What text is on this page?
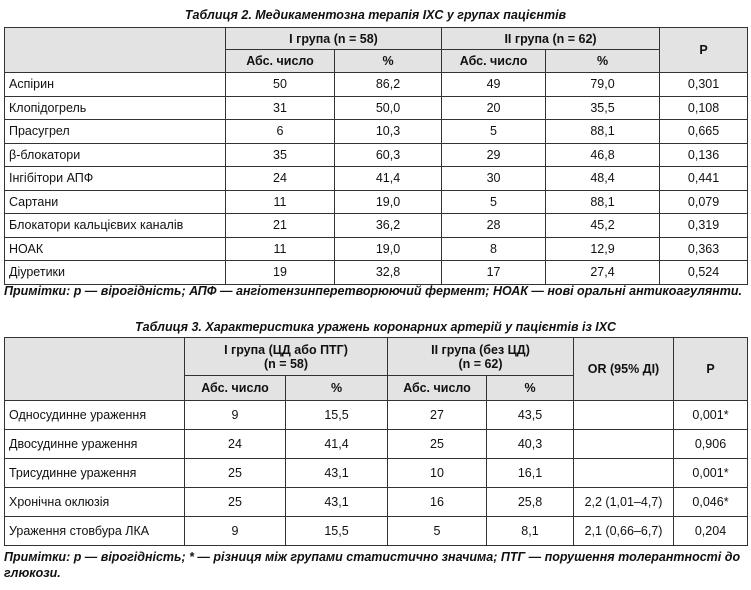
Таблиця 2. Медикаментозна терапія ІХС у групах пацієнтів
	І група (n = 58)		ІІ група (n = 62)		Р
	Абс. число	%	Абс. число	%	
Аспірин	50	86,2	49	79,0	0,301
Клопідогрель	31	50,0	20	35,5	0,108
Прасугрел	6	10,3	5	88,1	0,665
β-блокатори	35	60,3	29	46,8	0,136
Інгібітори АПФ	24	41,4	30	48,4	0,441
Сартани	11	19,0	5	88,1	0,079
Блокатори кальцієвих каналів	21	36,2	28	45,2	0,319
НОАК	11	19,0	8	12,9	0,363
Діуретики	19	32,8	17	27,4	0,524
Примітки: р — вірогідність; АПФ — ангіотензинперетворюючий фермент; НОАК — нові оральні антикоагулянти.
Таблиця 3. Характеристика уражень коронарних артерій у пацієнтів із ІХС

	І група (ЦД або ПТГ)
(n = 58)		ІІ група (без ЦД)
(n = 62)		OR (95% ДІ)	Р
	Абс. число	%	Абс. число	%		
Односудинне ураження	9	15,5	27	43,5		0,001*
Двосудинне ураження	24	41,4	25	40,3		0,906
Трисудинне ураження	25	43,1	10	16,1		0,001*
Хронічна оклюзія	25	43,1	16	25,8	2,2 (1,01–4,7)	0,046*
Ураження стовбура ЛКА	9	15,5	5	8,1	2,1 (0,66–6,7)	0,204
Примітки: р — вірогідність; * — різниця між групами статистично значима; ПТГ — порушення толерантності до глюкози.
